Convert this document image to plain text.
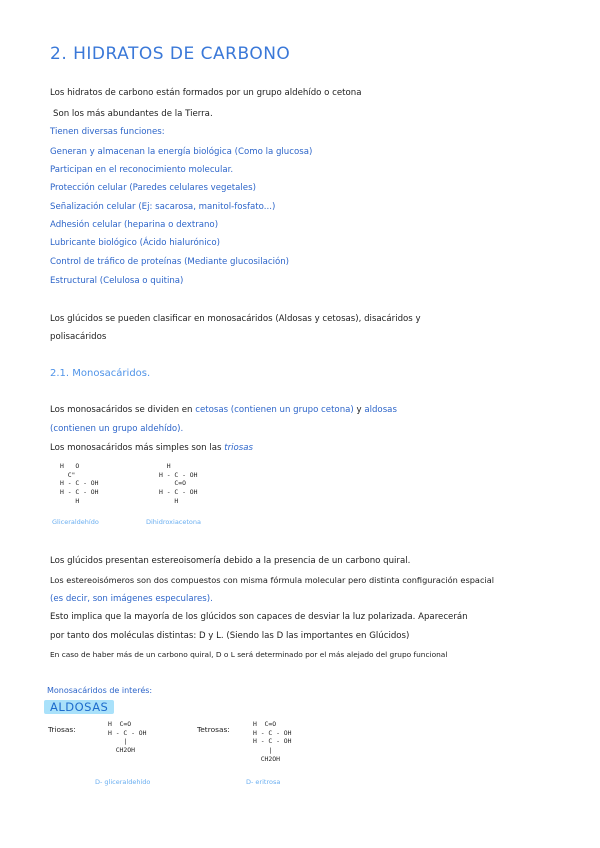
2. HIDRATOS DE CARBONO
Los hidratos de carbono están formados por un grupo aldehído o cetona
Son los más abundantes de la Tierra.
Tienen diversas funciones:
Generan y almacenan la energía biológica (Como la glucosa)
Participan en el reconocimiento molecular.
Protección celular (Paredes celulares vegetales)
Señalización celular (Ej: sacarosa, manitol-fosfato...)
Adhesión celular (heparina o dextrano)
Lubricante biológico (Ácido hialurónico)
Control de tráfico de proteínas (Mediante glucosilación)
Estructural (Celulosa o quitina)
Los glúcidos se pueden clasificar en monosacáridos (Aldosas y cetosas), disacáridos y
polisacáridos
2.1. Monosacáridos.
Los monosacáridos se dividen en cetosas (contienen un grupo cetona) y aldosas
(contienen un grupo aldehído).
Los monosacáridos más simples son las triosas
H   O
C"
H - C - OH
H - C - OH
H
Gliceraldehído
H
H - C - OH
C=O
H - C - OH
H
Dihidroxiacetona
Los glúcidos presentan estereoisomería debido a la presencia de un carbono quiral.
Los estereoisómeros son dos compuestos con misma fórmula molecular pero distinta configuración espacial
(es decir, son imágenes especulares).
Esto implica que la mayoría de los glúcidos son capaces de desviar la luz polarizada. Aparecerán
por tanto dos moléculas distintas: D y L. (Siendo las D las importantes en Glúcidos)
En caso de haber más de un carbono quiral, D o L será determinado por el más alejado del grupo funcional
Monosacáridos de interés:
ALDOSAS
Triosas:	Tetrosas:
H  C=O
H - C - OH
|
CH2OH
D- gliceraldehído
H  C=O
H - C - OH
H - C - OH
|
CH2OH
D- eritrosa
